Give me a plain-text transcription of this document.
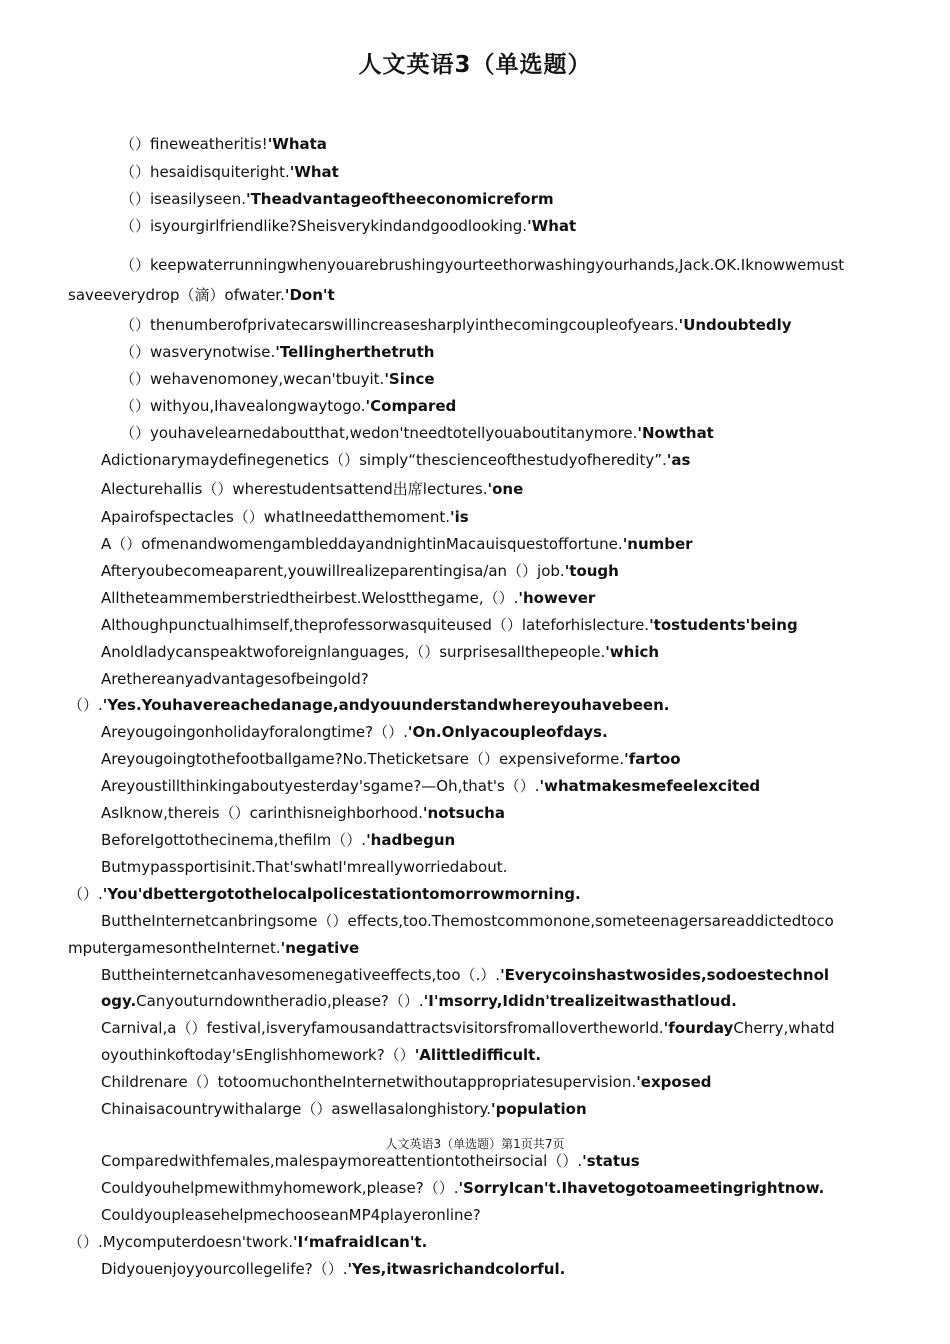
人文英语3（单选题）
（）fineweatheritis!'Whata
（）hesaidisquiteright.'What
（）iseasilyseen.'Theadvantageoftheeconomicreform
（）isyourgirlfriendlike?Sheisverykindandgoodlooking.'What
（）keepwaterrunningwhenyouarebrushingyourteethorwashingyourhands,Jack.OK.Iknowwemust
saveeverydrop（滴）ofwater.'Don't
（）thenumberofprivatecarswillincreasesharplyinthecomingcoupleofyears.'Undoubtedly
（）wasverynotwise.'Tellingherthetruth
（）wehavenomoney,wecan'tbuyit.'Since
（）withyou,Ihavealongwaytogo.'Compared
（）youhavelearnedaboutthat,wedon'tneedtotellyouaboutitanymore.'Nowthat
Adictionarymaydefinegenetics（）simply“thescienceofthestudyofheredity”.'as
Alecturehallis（）wherestudentsattend出席lectures.'one
Apairofspectacles（）whatIneedatthemoment.'is
A（）ofmenandwomengambleddayandnightinMacauisquestoffortune.'number
Afteryoubecomeaparent,youwillrealizeparentingisa/an（）job.'tough
Alltheteammemberstriedtheirbest.Welostthegame,（）.'however
Althoughpunctualhimself,theprofessorwasquiteused（）lateforhislecture.'tostudents'being
Anoldladycanspeaktwoforeignlanguages,（）surprisesallthepeople.'which
Arethereanyadvantagesofbeingold?
（）.'Yes.Youhavereachedanage,andyouunderstandwhereyouhavebeen.
Areyougoingonholidayforalongtime?（）.'On.Onlyacoupleofdays.
Areyougoingtothefootballgame?No.Theticketsare（）expensiveforme.'fartoo
Areyoustillthinkingaboutyesterday'sgame?—Oh,that's（）.'whatmakesmefeelexcited
AsIknow,thereis（）carinthisneighborhood.'notsucha
BeforeIgottothecinema,thefilm（）.'hadbegun
Butmypassportisinit.That'swhatI'mreallyworriedabout.
（）.'You'dbettergotothelocalpolicestationtomorrowmorning.
ButtheInternetcanbringsome（）effects,too.Themostcommonone,someteenagersareaddictedtoco
mputergamesontheInternet.'negative
Buttheinternetcanhavesomenegativeeffects,too（.）.'Everycoinshastwosides,sodoestechnol
ogy.Canyouturndowntheradio,please?（）.'I'msorry,Ididn'trealizeitwasthatloud.
Carnival,a（）festival,isveryfamousandattractsvisitorsfromallovertheworld.'fourdayCherry,whatd
oyouthinkoftoday'sEnglishhomework?（）'Alittledifficult.
Childrenare（）totoomuchontheInternetwithoutappropriatesupervision.'exposed
Chinaisacountrywithalarge（）aswellasalonghistory.'population
人文英语3（单选题）第1页共7页
Comparedwithfemales,malespaymoreattentiontotheirsocial（）.'status
Couldyouhelpmewithmyhomework,please?（）.'SorryIcan't.Ihavetogotoameetingrightnow.
CouldyoupleasehelpmechooseanMP4playeronline?
（）.Mycomputerdoesn'twork.'I‘mafraidIcan't.
Didyouenjoyyourcollegelife?（）.'Yes,itwasrichandcolorful.
